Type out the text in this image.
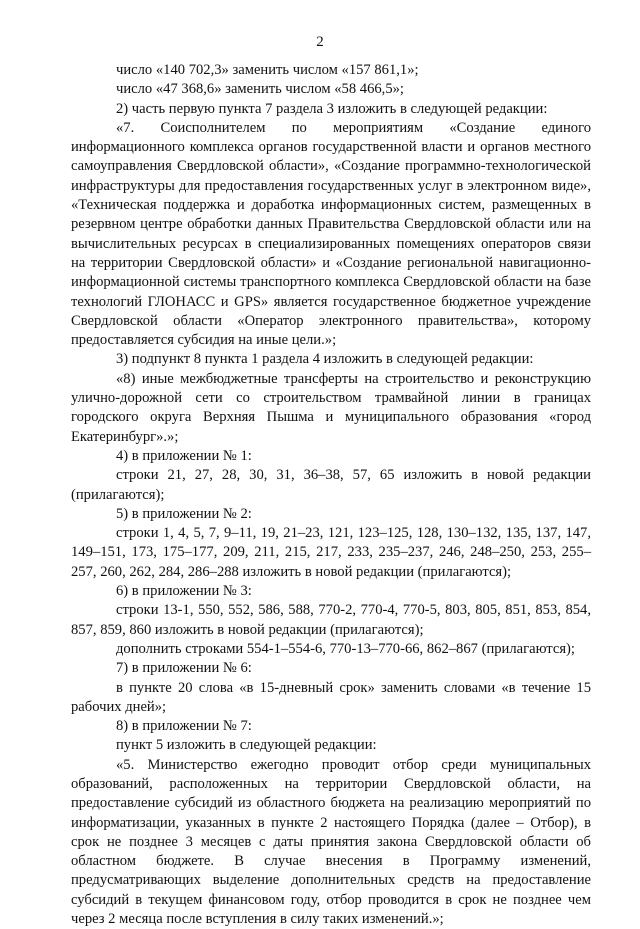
2

число «140 702,3» заменить числом «157 861,1»;

число «47 368,6» заменить числом «58 466,5»;

2) часть первую пункта 7 раздела 3 изложить в следующей редакции:

«7. Соисполнителем по мероприятиям «Создание единого информационного комплекса органов государственной власти и органов местного самоуправления Свердловской области», «Создание программно-технологической инфраструктуры для предоставления государственных услуг в электронном виде», «Техническая поддержка и доработка информационных систем, размещенных в резервном центре обработки данных Правительства Свердловской области или на вычислительных ресурсах в специализированных помещениях операторов связи на территории Свердловской области» и «Создание региональной навигационно-информационной системы транспортного комплекса Свердловской области на базе технологий ГЛОНАСС и GPS» является государственное бюджетное учреждение Свердловской области «Оператор электронного правительства», которому предоставляется субсидия на иные цели.»;

3) подпункт 8 пункта 1 раздела 4 изложить в следующей редакции:

«8) иные межбюджетные трансферты на строительство и реконструкцию улично-дорожной сети со строительством трамвайной линии в границах городского округа Верхняя Пышма и муниципального образования «город Екатеринбург».»;

4) в приложении № 1:

строки 21, 27, 28, 30, 31, 36–38, 57, 65 изложить в новой редакции (прилагаются);

5) в приложении № 2:

строки 1, 4, 5, 7, 9–11, 19, 21–23, 121, 123–125, 128, 130–132, 135, 137, 147, 149–151, 173, 175–177, 209, 211, 215, 217, 233, 235–237, 246, 248–250, 253, 255–257, 260, 262, 284, 286–288 изложить в новой редакции (прилагаются);

6) в приложении № 3:

строки 13-1, 550, 552, 586, 588, 770-2, 770-4, 770-5, 803, 805, 851, 853, 854, 857, 859, 860 изложить в новой редакции (прилагаются);

дополнить строками 554-1–554-6, 770-13–770-66, 862–867 (прилагаются);

7) в приложении № 6:

в пункте 20 слова «в 15-дневный срок» заменить словами «в течение 15 рабочих дней»;

8) в приложении № 7:

пункт 5 изложить в следующей редакции:

«5. Министерство ежегодно проводит отбор среди муниципальных образований, расположенных на территории Свердловской области, на предоставление субсидий из областного бюджета на реализацию мероприятий по информатизации, указанных в пункте 2 настоящего Порядка (далее – Отбор), в срок не позднее 3 месяцев с даты принятия закона Свердловской области об областном бюджете. В случае внесения в Программу изменений, предусматривающих выделение дополнительных средств на предоставление субсидий в текущем финансовом году, отбор проводится в срок не позднее чем через 2 месяца после вступления в силу таких изменений.»;
